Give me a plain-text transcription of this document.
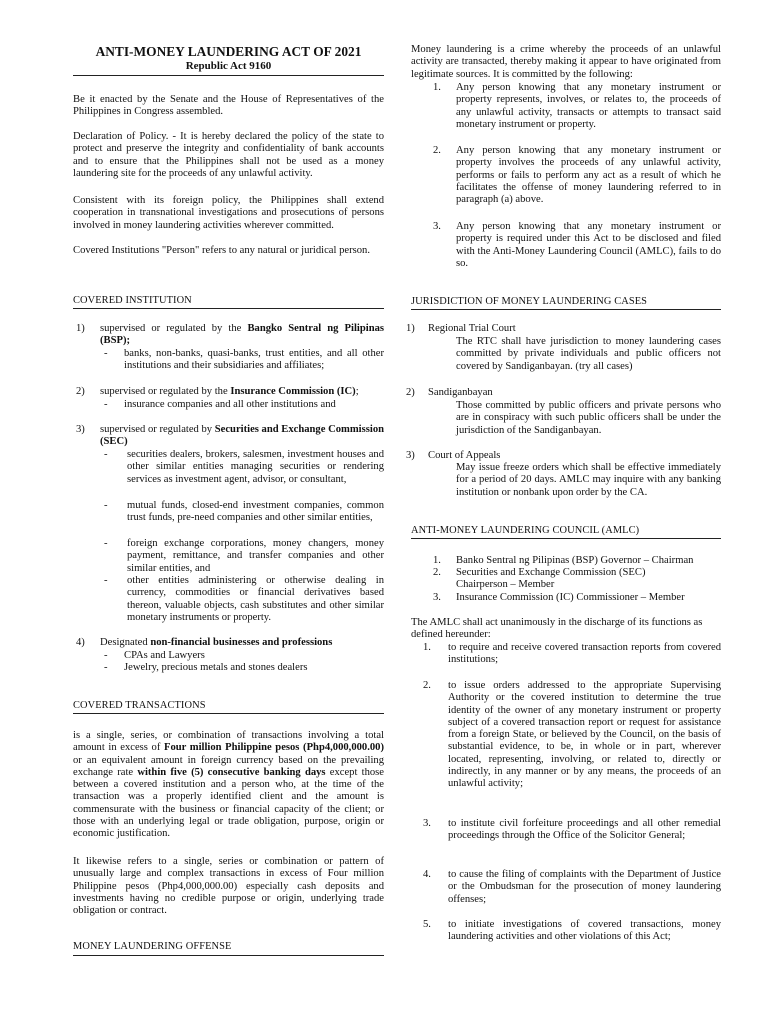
ANTI-MONEY LAUNDERING ACT OF 2021
Republic Act 9160
Be it enacted by the Senate and the House of Representatives of the Philippines in Congress assembled.
Declaration of Policy. - It is hereby declared the policy of the state to protect and preserve the integrity and confidentiality of bank accounts and to ensure that the Philippines shall not be used as a money laundering site for the proceeds of any unlawful activity.
Consistent with its foreign policy, the Philippines shall extend cooperation in transnational investigations and prosecutions of persons involved in money laundering activities wherever committed.
Covered Institutions "Person" refers to any natural or juridical person.
COVERED INSTITUTION
1) supervised or regulated by the Bangko Sentral ng Pilipinas (BSP);
- banks, non-banks, quasi-banks, trust entities, and all other institutions and their subsidiaries and affiliates;
2) supervised or regulated by the Insurance Commission (IC);
- insurance companies and all other institutions and
3) supervised or regulated by Securities and Exchange Commission (SEC)
- securities dealers, brokers, salesmen, investment houses and other similar entities managing securities or rendering services as investment agent, advisor, or consultant,
- mutual funds, closed-end investment companies, common trust funds, pre-need companies and other similar entities,
- foreign exchange corporations, money changers, money payment, remittance, and transfer companies and other similar entities, and
- other entities administering or otherwise dealing in currency, commodities or financial derivatives based thereon, valuable objects, cash substitutes and other similar monetary instruments or property.
4) Designated non-financial businesses and professions
- CPAs and Lawyers
- Jewelry, precious metals and stones dealers
COVERED TRANSACTIONS
is a single, series, or combination of transactions involving a total amount in excess of Four million Philippine pesos (Php4,000,000.00) or an equivalent amount in foreign currency based on the prevailing exchange rate within five (5) consecutive banking days except those between a covered institution and a person who, at the time of the transaction was a properly identified client and the amount is commensurate with the business or financial capacity of the client; or those with an underlying legal or trade obligation, purpose, origin or economic justification.
It likewise refers to a single, series or combination or pattern of unusually large and complex transactions in excess of Four million Philippine pesos (Php4,000,000.00) especially cash deposits and investments having no credible purpose or origin, underlying trade obligation or contract.
MONEY LAUNDERING OFFENSE
Money laundering is a crime whereby the proceeds of an unlawful activity are transacted, thereby making it appear to have originated from legitimate sources. It is committed by the following:
1. Any person knowing that any monetary instrument or property represents, involves, or relates to, the proceeds of any unlawful activity, transacts or attempts to transact said monetary instrument or property.
2. Any person knowing that any monetary instrument or property involves the proceeds of any unlawful activity, performs or fails to perform any act as a result of which he facilitates the offense of money laundering referred to in paragraph (a) above.
3. Any person knowing that any monetary instrument or property is required under this Act to be disclosed and filed with the Anti-Money Laundering Council (AMLC), fails to do so.
JURISDICTION OF MONEY LAUNDERING CASES
1) Regional Trial Court
The RTC shall have jurisdiction to money laundering cases committed by private individuals and public officers not covered by Sandiganbayan. (try all cases)
2) Sandiganbayan
Those committed by public officers and private persons who are in conspiracy with such public officers shall be under the jurisdiction of the Sandiganbayan.
3) Court of Appeals
May issue freeze orders which shall be effective immediately for a period of 20 days. AMLC may inquire with any banking institution or nonbank upon order by the CA.
ANTI-MONEY LAUNDERING COUNCIL (AMLC)
1. Banko Sentral ng Pilipinas (BSP) Governor – Chairman
2. Securities and Exchange Commission (SEC) Chairperson – Member
3. Insurance Commission (IC) Commissioner – Member
The AMLC shall act unanimously in the discharge of its functions as defined hereunder:
1. to require and receive covered transaction reports from covered institutions;
2. to issue orders addressed to the appropriate Supervising Authority or the covered institution to determine the true identity of the owner of any monetary instrument or property subject of a covered transaction report or request for assistance from a foreign State, or believed by the Council, on the basis of substantial evidence, to be, in whole or in part, wherever located, representing, involving, or related to, directly or indirectly, in any manner or by any means, the proceeds of an unlawful activity;
3. to institute civil forfeiture proceedings and all other remedial proceedings through the Office of the Solicitor General;
4. to cause the filing of complaints with the Department of Justice or the Ombudsman for the prosecution of money laundering offenses;
5. to initiate investigations of covered transactions, money laundering activities and other violations of this Act;
